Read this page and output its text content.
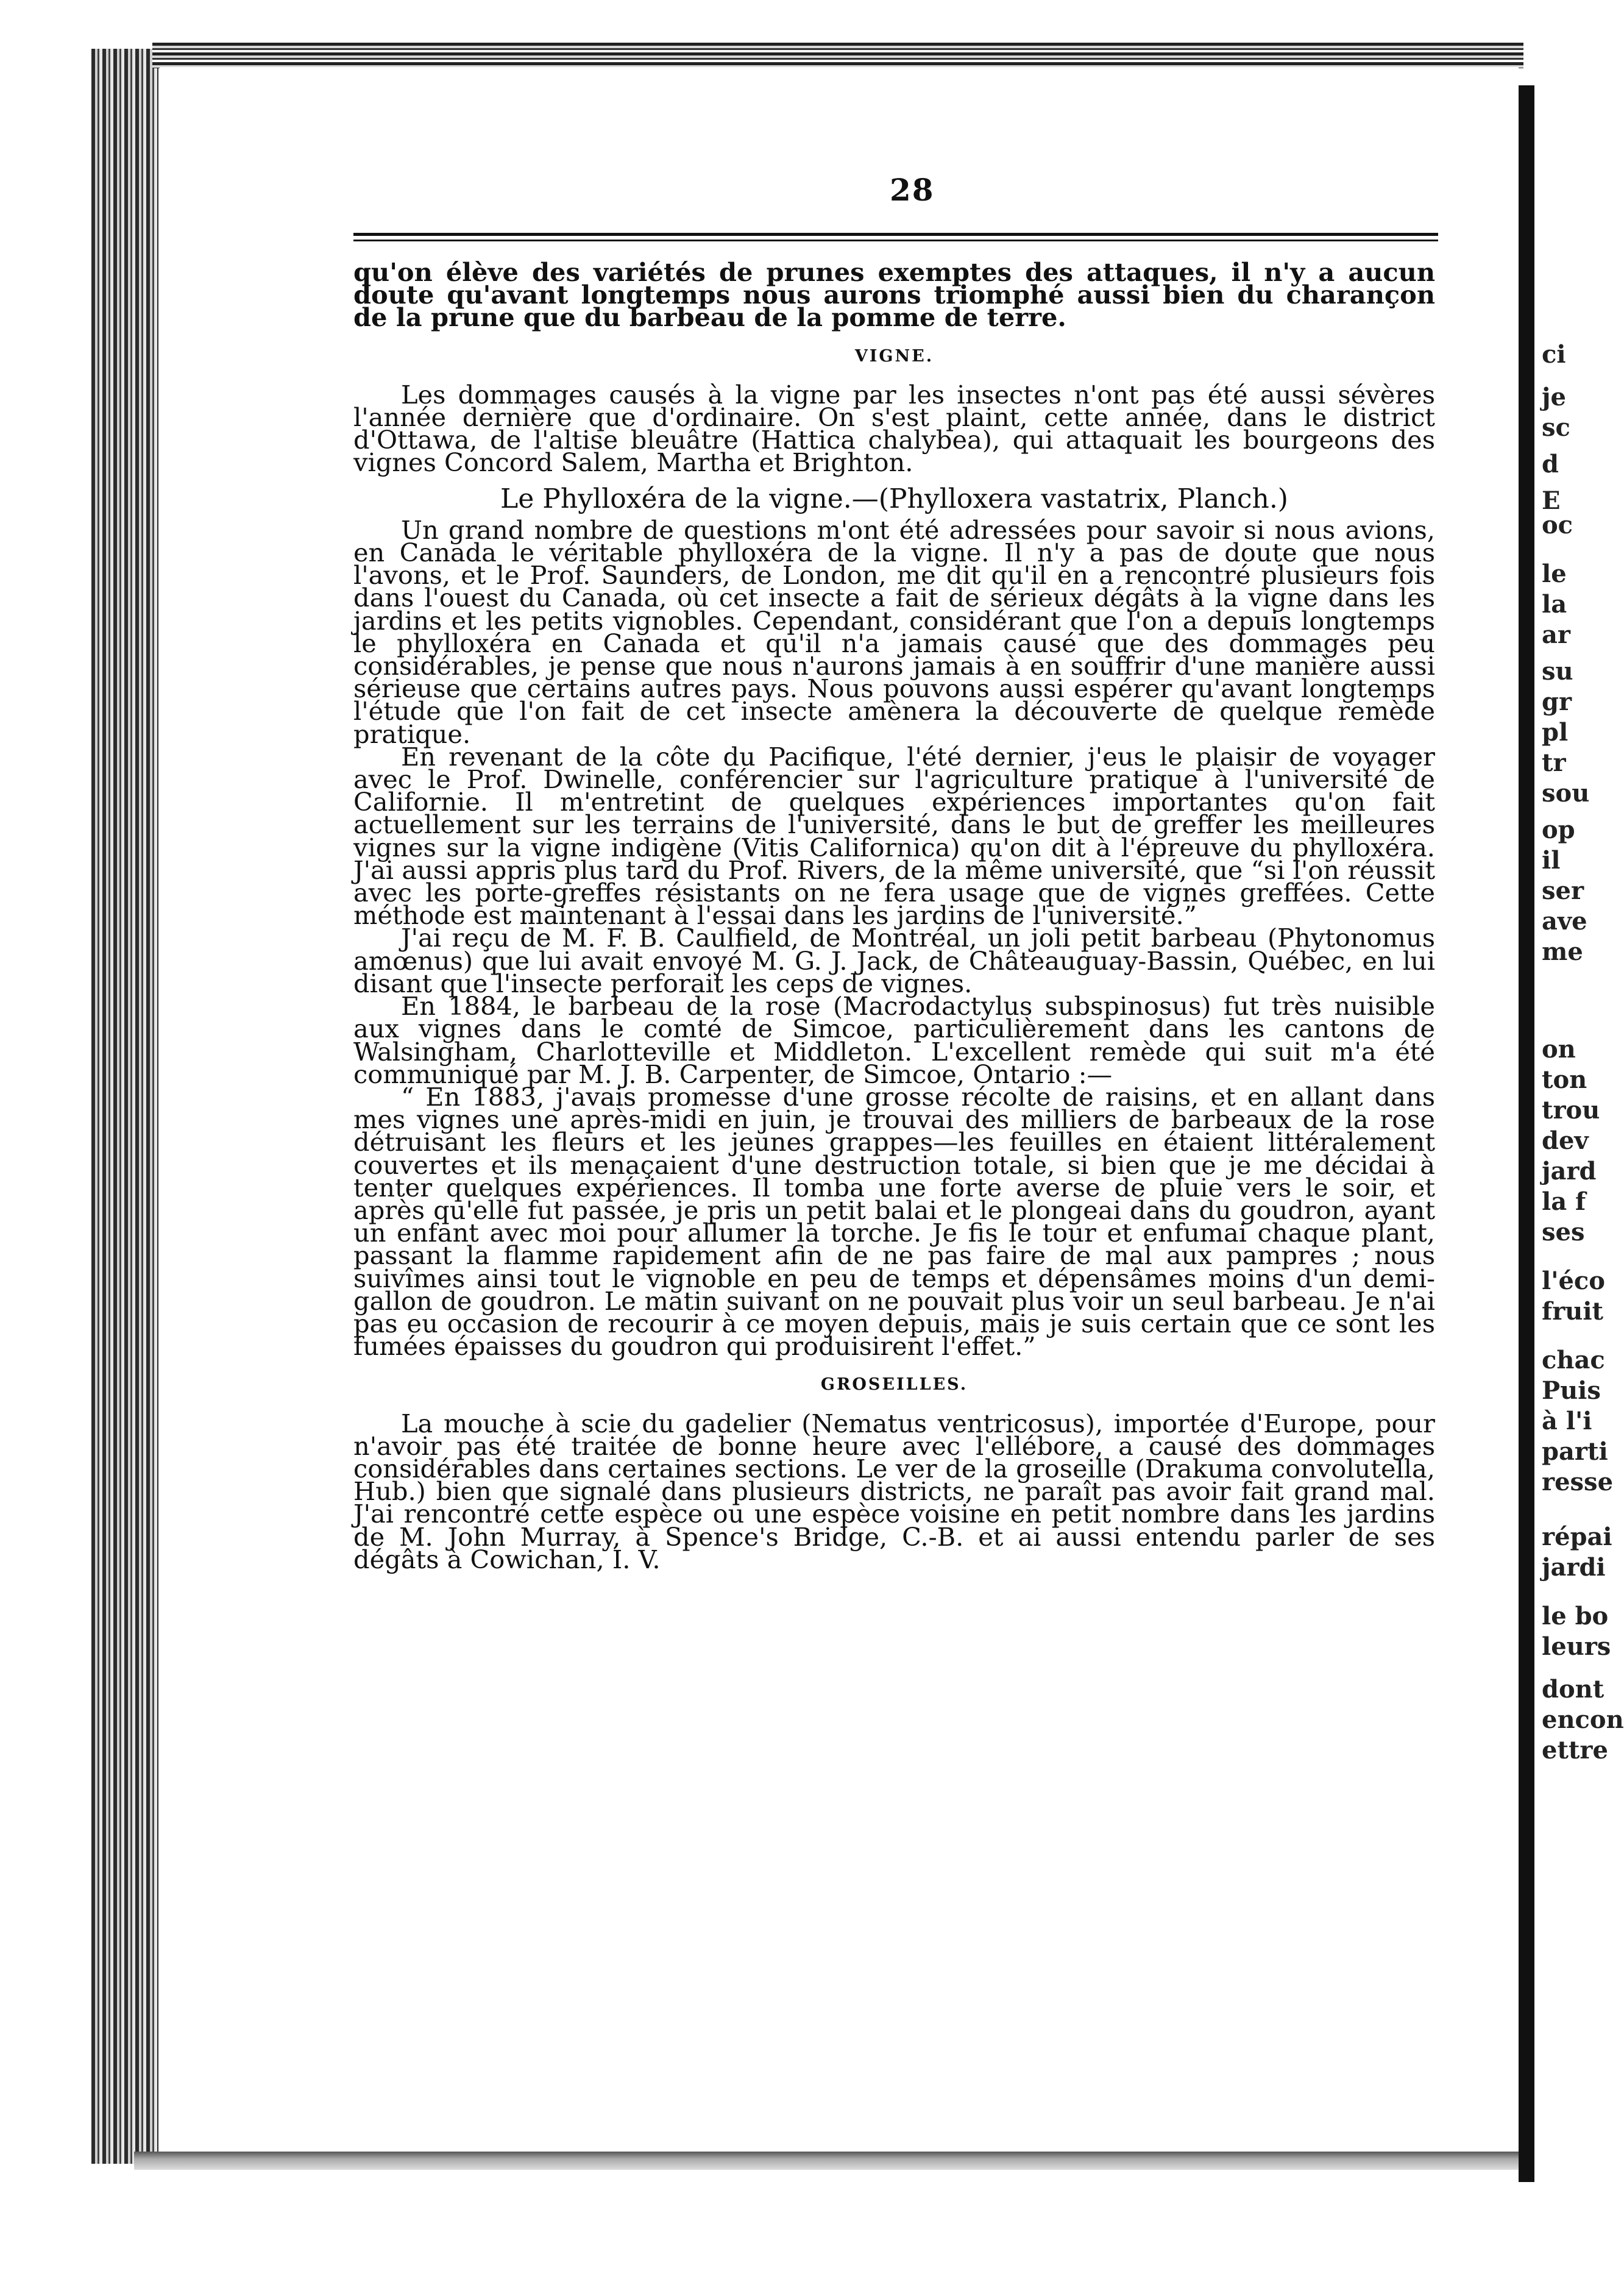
28

qu'on élève des variétés de prunes exemptes des attaques, il n'y a aucun doute qu'avant longtemps nous aurons triomphé aussi bien du charançon de la prune que du barbeau de la pomme de terre.

VIGNE.

Les dommages causés à la vigne par les insectes n'ont pas été aussi sévères l'année dernière que d'ordinaire. On s'est plaint, cette année, dans le district d'Ottawa, de l'altise bleuâtre (Hattica chalybea), qui attaquait les bourgeons des vignes Concord Salem, Martha et Brighton.

Le Phylloxéra de la vigne.—(Phylloxera vastatrix, Planch.)

Un grand nombre de questions m'ont été adressées pour savoir si nous avions, en Canada le véritable phylloxéra de la vigne. Il n'y a pas de doute que nous l'avons, et le Prof. Saunders, de London, me dit qu'il en a rencontré plusieurs fois dans l'ouest du Canada, où cet insecte a fait de sérieux dégâts à la vigne dans les jardins et les petits vignobles. Cependant, considérant que l'on a depuis longtemps le phylloxéra en Canada et qu'il n'a jamais causé que des dommages peu considérables, je pense que nous n'aurons jamais à en souffrir d'une manière aussi sérieuse que certains autres pays. Nous pouvons aussi espérer qu'avant longtemps l'étude que l'on fait de cet insecte amènera la découverte de quelque remède pratique.

En revenant de la côte du Pacifique, l'été dernier, j'eus le plaisir de voyager avec le Prof. Dwinelle, conférencier sur l'agriculture pratique à l'université de Californie. Il m'entretint de quelques expériences importantes qu'on fait actuellement sur les terrains de l'université, dans le but de greffer les meilleures vignes sur la vigne indigène (Vitis Californica) qu'on dit à l'épreuve du phylloxéra. J'ai aussi appris plus tard du Prof. Rivers, de la même université, que “si l'on réussit avec les porte-greffes résistants on ne fera usage que de vignes greffées. Cette méthode est maintenant à l'essai dans les jardins de l'université.”

J'ai reçu de M. F. B. Caulfield, de Montréal, un joli petit barbeau (Phytonomus amœnus) que lui avait envoyé M. G. J. Jack, de Châteauguay-Bassin, Québec, en lui disant que l'insecte perforait les ceps de vignes.

En 1884, le barbeau de la rose (Macrodactylus subspinosus) fut très nuisible aux vignes dans le comté de Simcoe, particulièrement dans les cantons de Walsingham, Charlotteville et Middleton. L'excellent remède qui suit m'a été communiqué par M. J. B. Carpenter, de Simcoe, Ontario :—

“ En 1883, j'avais promesse d'une grosse récolte de raisins, et en allant dans mes vignes une après-midi en juin, je trouvai des milliers de barbeaux de la rose détruisant les fleurs et les jeunes grappes—les feuilles en étaient littéralement couvertes et ils menaçaient d'une destruction totale, si bien que je me décidai à tenter quelques expériences. Il tomba une forte averse de pluie vers le soir, et après qu'elle fut passée, je pris un petit balai et le plongeai dans du goudron, ayant un enfant avec moi pour allumer la torche. Je fis le tour et enfumai chaque plant, passant la flamme rapidement afin de ne pas faire de mal aux pampres ; nous suivîmes ainsi tout le vignoble en peu de temps et dépensâmes moins d'un demi-gallon de goudron. Le matin suivant on ne pouvait plus voir un seul barbeau. Je n'ai pas eu occasion de recourir à ce moyen depuis, mais je suis certain que ce sont les fumées épaisses du goudron qui produisirent l'effet.”

GROSEILLES.

La mouche à scie du gadelier (Nematus ventricosus), importée d'Europe, pour n'avoir pas été traitée de bonne heure avec l'ellébore, a causé des dommages considérables dans certaines sections. Le ver de la groseille (Drakuma convolutella, Hub.) bien que signalé dans plusieurs districts, ne paraît pas avoir fait grand mal. J'ai rencontré cette espèce ou une espèce voisine en petit nombre dans les jardins de M. John Murray, à Spence's Bridge, C.-B. et ai aussi entendu parler de ses dégâts à Cowichan, I. V.

ci
je
sc
d
E
oc
le
la
ar
su
gr
pl
tr
sou
op
il
ser
ave
me
on
ton
trou
dev
jard
la f
ses
l'éco
fruit
chac
Puis
à l'i
parti
resse
répai
jardi
le bo
leurs
dont
encon
ettre
